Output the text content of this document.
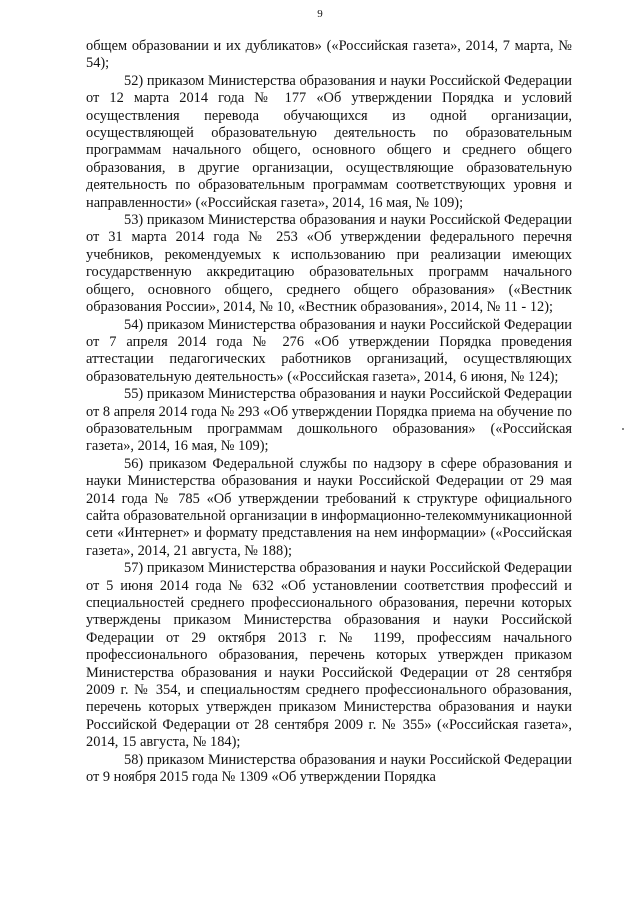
9

общем образовании и их дубликатов» («Российская газета», 2014, 7 марта, № 54);

52) приказом Министерства образования и науки Российской Федерации от 12 марта 2014 года № 177 «Об утверждении Порядка и условий осуществления перевода обучающихся из одной организации, осуществляющей образовательную деятельность по образовательным программам начального общего, основного общего и среднего общего образования, в другие организации, осуществляющие образовательную деятельность по образовательным программам соответствующих уровня и направленности» («Российская газета», 2014, 16 мая, № 109);

53) приказом Министерства образования и науки Российской Федерации от 31 марта 2014 года № 253 «Об утверждении федерального перечня учебников, рекомендуемых к использованию при реализации имеющих государственную аккредитацию образовательных программ начального общего, основного общего, среднего общего образования» («Вестник образования России», 2014, № 10, «Вестник образования», 2014, № 11 - 12);

54) приказом Министерства образования и науки Российской Федерации от 7 апреля 2014 года № 276 «Об утверждении Порядка проведения аттестации педагогических работников организаций, осуществляющих образовательную деятельность» («Российская газета», 2014, 6 июня, № 124);

55) приказом Министерства образования и науки Российской Федерации от 8 апреля 2014 года № 293 «Об утверждении Порядка приема на обучение по образовательным программам дошкольного образования» («Российская газета», 2014, 16 мая, № 109);

56) приказом Федеральной службы по надзору в сфере образования и науки Министерства образования и науки Российской Федерации от 29 мая 2014 года № 785 «Об утверждении требований к структуре официального сайта образовательной организации в информационно-телекоммуникационной сети «Интернет» и формату представления на нем информации» («Российская газета», 2014, 21 августа, № 188);

57) приказом Министерства образования и науки Российской Федерации от 5 июня 2014 года № 632 «Об установлении соответствия профессий и специальностей среднего профессионального образования, перечни которых утверждены приказом Министерства образования и науки Российской Федерации от 29 октября 2013 г. № 1199, профессиям начального профессионального образования, перечень которых утвержден приказом Министерства образования и науки Российской Федерации от 28 сентября 2009 г. № 354, и специальностям среднего профессионального образования, перечень которых утвержден приказом Министерства образования и науки Российской Федерации от 28 сентября 2009 г. № 355» («Российская газета», 2014, 15 августа, № 184);

58) приказом Министерства образования и науки Российской Федерации от 9 ноября 2015 года № 1309 «Об утверждении Порядка
